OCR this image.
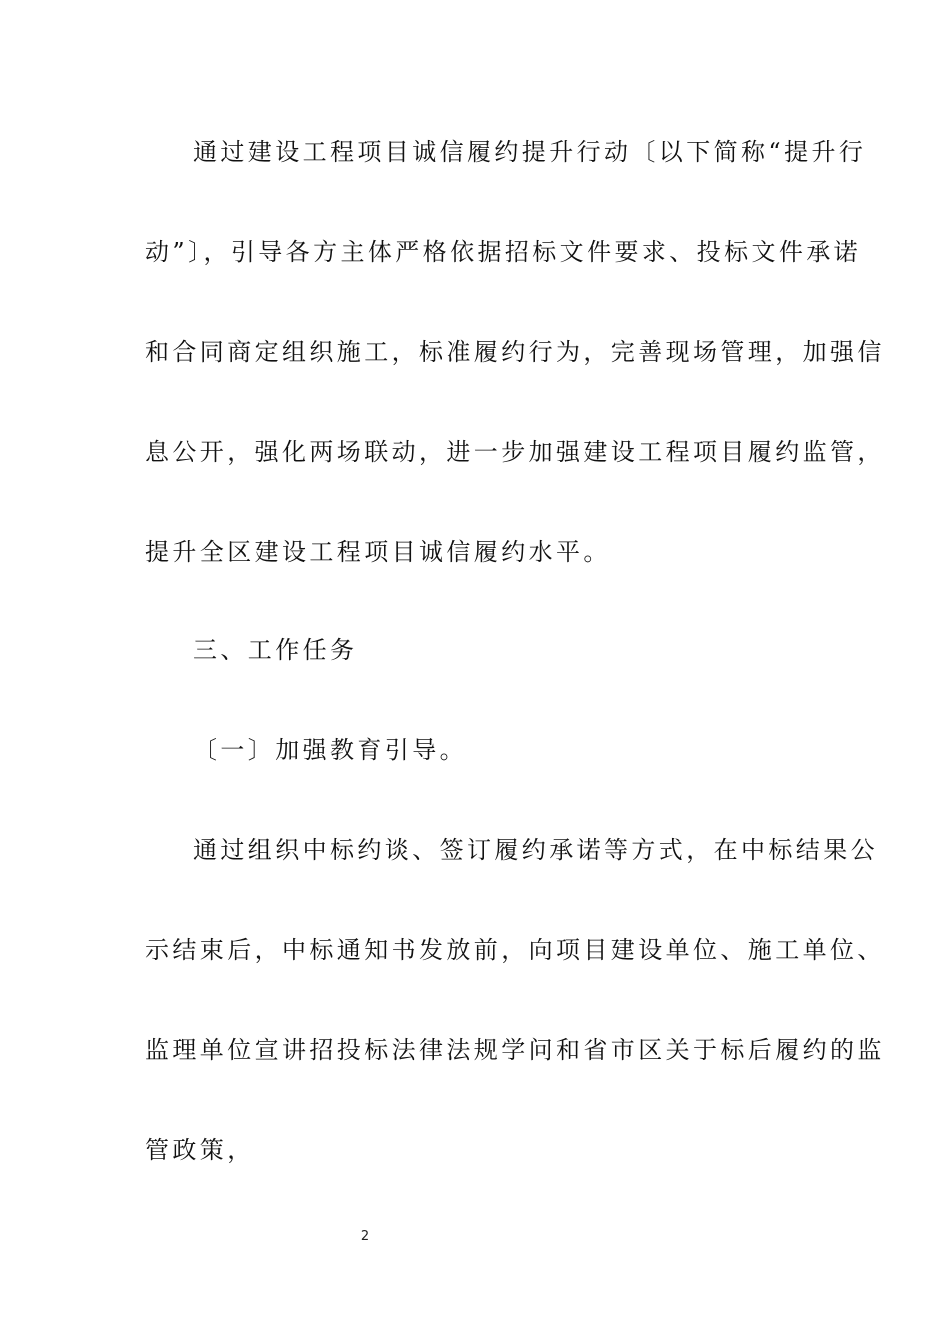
通过建设工程项目诚信履约提升行动〔以下简称“提升行
动”〕，引导各方主体严格依据招标文件要求、投标文件承诺
和合同商定组织施工，标准履约行为，完善现场管理，加强信
息公开，强化两场联动，进一步加强建设工程项目履约监管，
提升全区建设工程项目诚信履约水平。
三、工作任务
〔一〕加强教育引导。
通过组织中标约谈、签订履约承诺等方式，在中标结果公
示结束后，中标通知书发放前，向项目建设单位、施工单位、
监理单位宣讲招投标法律法规学问和省市区关于标后履约的监
管政策，
2
